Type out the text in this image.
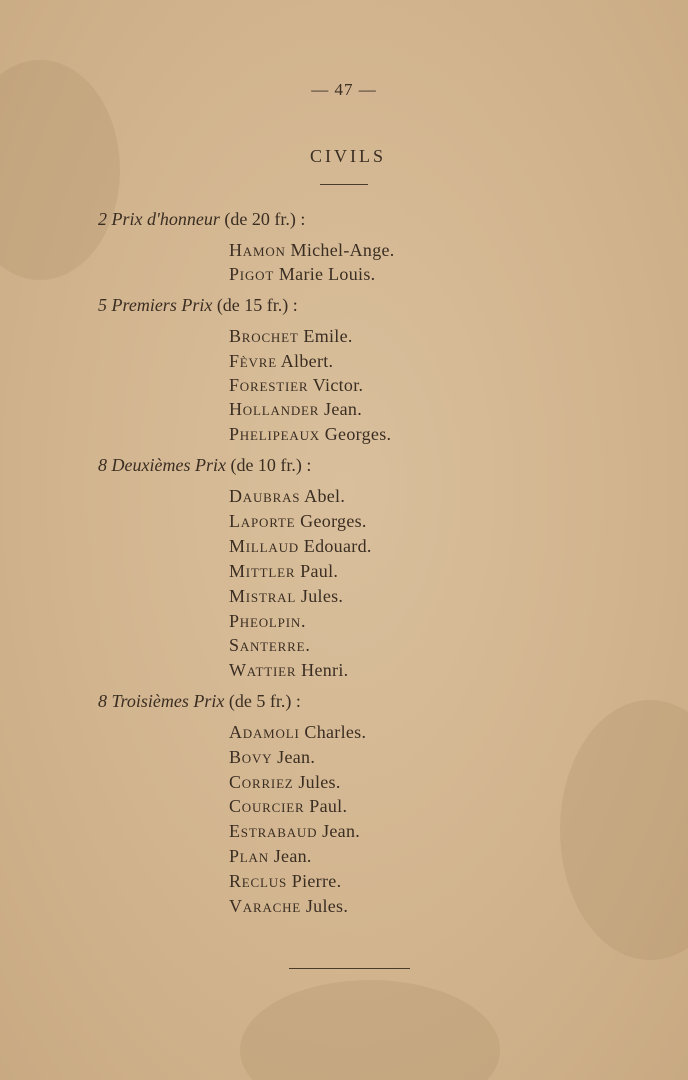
— 47 —
CIVILS
2 Prix d'honneur (de 20 fr.) :
Hamon Michel-Ange.
Pigot Marie Louis.
5 Premiers Prix (de 15 fr.) :
Brochet Emile.
Fèvre Albert.
Forestier Victor.
Hollander Jean.
Phelipeaux Georges.
8 Deuxièmes Prix (de 10 fr.) :
Daubras Abel.
Laporte Georges.
Millaud Edouard.
Mittler Paul.
Mistral Jules.
Pheolpin.
Santerre.
Wattier Henri.
8 Troisièmes Prix (de 5 fr.) :
Adamoli Charles.
Bovy Jean.
Corriez Jules.
Courcier Paul.
Estrabaud Jean.
Plan Jean.
Reclus Pierre.
Varache Jules.
